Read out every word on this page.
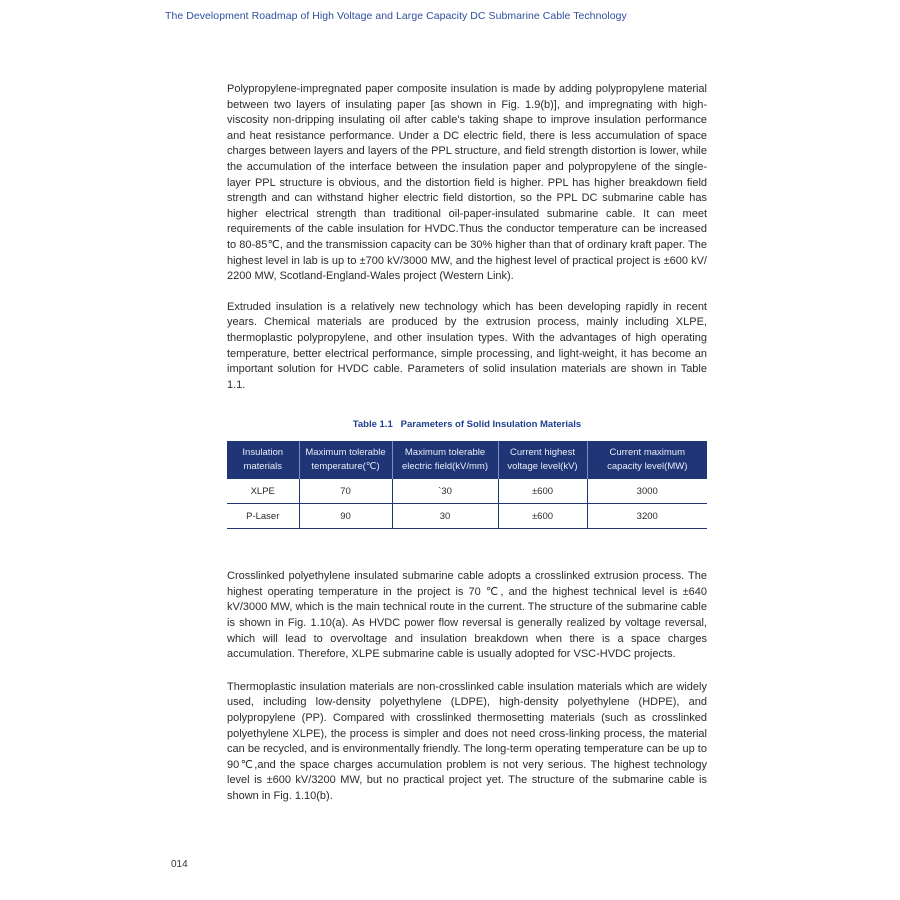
The Development Roadmap of High Voltage and Large Capacity DC Submarine Cable Technology

Polypropylene-impregnated paper composite insulation is made by adding polypropylene material between two layers of insulating paper [as shown in Fig. 1.9(b)], and impregnating with high-viscosity non-dripping insulating oil after cable's taking shape to improve insulation performance and heat resistance performance. Under a DC electric field, there is less accumulation of space charges between layers and layers of the PPL structure, and field strength distortion is lower, while the accumulation of the interface between the insulation paper and polypropylene of the single-layer PPL structure is obvious, and the distortion field is higher. PPL has higher breakdown field strength and can withstand higher electric field distortion, so the PPL DC submarine cable has higher electrical strength than traditional oil-paper-insulated submarine cable. It can meet requirements of the cable insulation for HVDC.Thus the conductor temperature can be increased to 80-85℃, and the transmission capacity can be 30% higher than that of ordinary kraft paper. The highest level in lab is up to ±700 kV/3000 MW, and the highest level of practical project is ±600 kV/ 2200 MW, Scotland-England-Wales project (Western Link).

Extruded insulation is a relatively new technology which has been developing rapidly in recent years. Chemical materials are produced by the extrusion process, mainly including XLPE, thermoplastic polypropylene, and other insulation types. With the advantages of high operating temperature, better electrical performance, simple processing, and light-weight, it has become an important solution for HVDC cable. Parameters of solid insulation materials are shown in Table 1.1.

Table 1.1 Parameters of Solid Insulation Materials
Insulation materials	Maximum tolerable temperature(℃)	Maximum tolerable electric field(kV/mm)	Current highest voltage level(kV)	Current maximum capacity level(MW)
XLPE	70	`30	±600	3000
P-Laser	90	30	±600	3200

Crosslinked polyethylene insulated submarine cable adopts a crosslinked extrusion process. The highest operating temperature in the project is 70 ℃, and the highest technical level is ±640 kV/3000 MW, which is the main technical route in the current. The structure of the submarine cable is shown in Fig. 1.10(a). As HVDC power flow reversal is generally realized by voltage reversal, which will lead to overvoltage and insulation breakdown when there is a space charges accumulation. Therefore, XLPE submarine cable is usually adopted for VSC-HVDC projects.

Thermoplastic insulation materials are non-crosslinked cable insulation materials which are widely used, including low-density polyethylene (LDPE), high-density polyethylene (HDPE), and polypropylene (PP). Compared with crosslinked thermosetting materials (such as crosslinked polyethylene XLPE), the process is simpler and does not need cross-linking process, the material can be recycled, and is environmentally friendly. The long-term operating temperature can be up to 90℃,and the space charges accumulation problem is not very serious. The highest technology level is ±600 kV/3200 MW, but no practical project yet. The structure of the submarine cable is shown in Fig. 1.10(b).

014
